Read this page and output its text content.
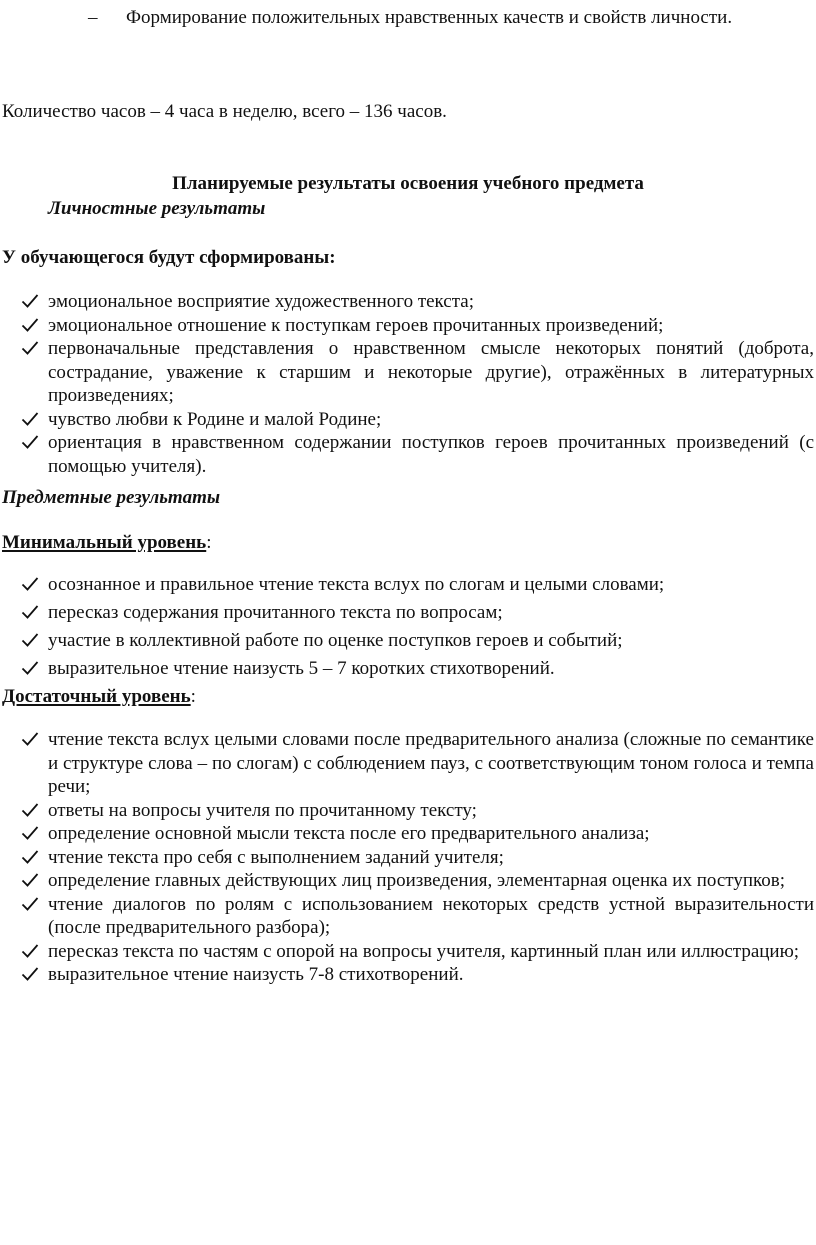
– Формирование положительных нравственных качеств и свойств личности.
Количество часов – 4 часа в неделю, всего – 136 часов.
Планируемые результаты освоения учебного предмета
Личностные результаты
У обучающегося будут сформированы:
эмоциональное восприятие художественного текста;
эмоциональное отношение к поступкам героев прочитанных произведений;
первоначальные представления о нравственном смысле некоторых понятий (доброта, сострадание, уважение к старшим и некоторые другие), отражённых в литературных произведениях;
чувство любви к Родине и малой Родине;
ориентация в нравственном содержании поступков героев прочитанных произведений (с помощью учителя).
Предметные результаты
Минимальный уровень:
осознанное и правильное чтение текста вслух по слогам и целыми словами;
пересказ содержания прочитанного текста по вопросам;
участие в коллективной работе по оценке поступков героев и событий;
выразительное чтение наизусть 5 – 7 коротких стихотворений.
Достаточный уровень:
чтение текста вслух целыми словами после предварительного анализа (сложные по семантике и структуре слова – по слогам) с соблюдением пауз, с соответствующим тоном голоса и темпа речи;
ответы на вопросы учителя по прочитанному тексту;
определение основной мысли текста после его предварительного анализа;
чтение текста про себя с выполнением заданий учителя;
определение главных действующих лиц произведения, элементарная оценка их поступков;
чтение диалогов по ролям с использованием некоторых средств устной выразительности (после предварительного разбора);
пересказ текста по частям с опорой на вопросы учителя, картинный план или иллюстрацию;
выразительное чтение наизусть 7-8 стихотворений.
